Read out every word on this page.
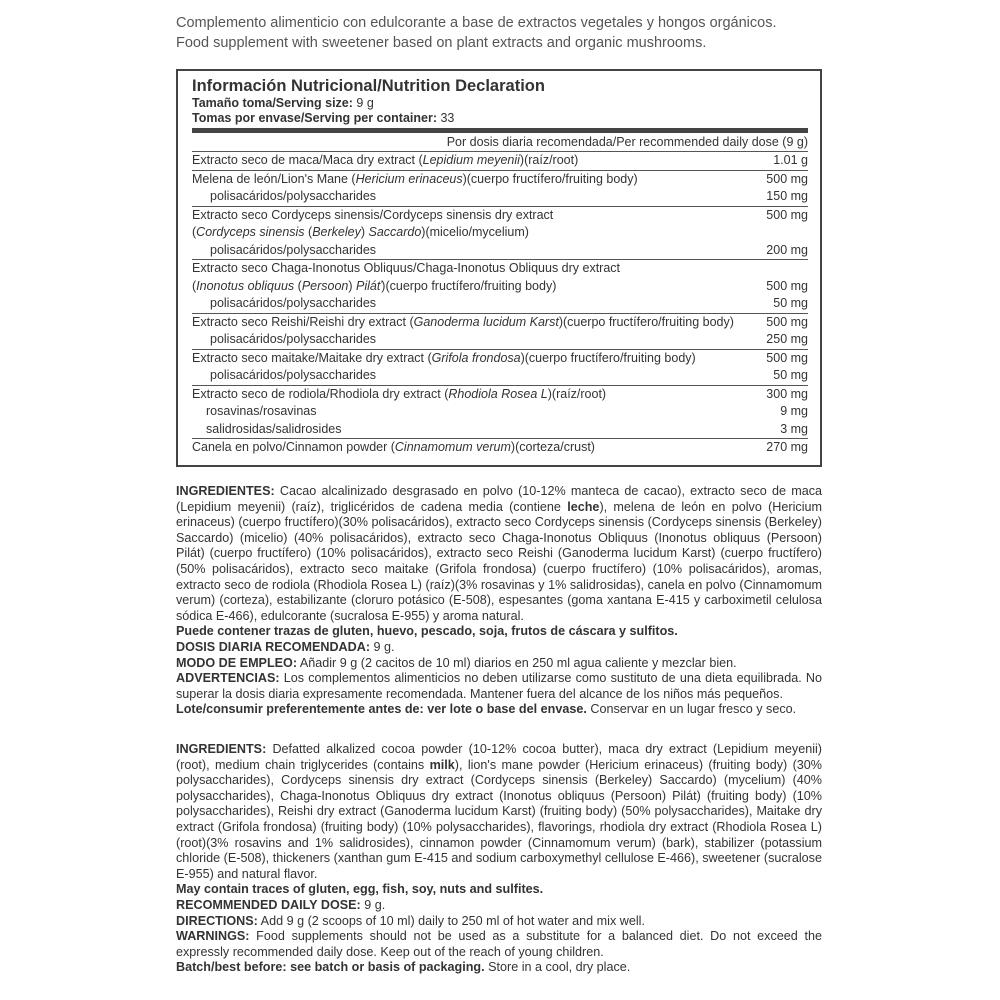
Complemento alimenticio con edulcorante a base de extractos vegetales y hongos orgánicos.
Food supplement with sweetener based on plant extracts and organic mushrooms.
Información Nutricional/Nutrition Declaration
Tamaño toma/Serving size: 9 g
Tomas por envase/Serving per container: 33
Por dosis diaria recomendada/Per recommended daily dose (9 g)
Extracto seco de maca/Maca dry extract (Lepidium meyenii)(raíz/root)	1.01 g
Melena de león/Lion's Mane (Hericium erinaceus)(cuerpo fructífero/fruiting body)	500 mg
polisacáridos/polysaccharides	150 mg
Extracto seco Cordyceps sinensis/Cordyceps sinensis dry extract	500 mg
(Cordyceps sinensis (Berkeley) Saccardo)(micelio/mycelium)
polisacáridos/polysaccharides	200 mg
Extracto seco Chaga-Inonotus Obliquus/Chaga-Inonotus Obliquus dry extract
(Inonotus obliquus (Persoon) Piláť)(cuerpo fructífero/fruiting body)	500 mg
polisacáridos/polysaccharides	50 mg
Extracto seco Reishi/Reishi dry extract (Ganoderma lucidum Karst)(cuerpo fructífero/fruiting body)	500 mg
polisacáridos/polysaccharides	250 mg
Extracto seco maitake/Maitake dry extract (Grifola frondosa)(cuerpo fructífero/fruiting body)	500 mg
polisacáridos/polysaccharides	50 mg
Extracto seco de rodiola/Rhodiola dry extract (Rhodiola Rosea L)(raíz/root)	300 mg
rosavinas/rosavinas	9 mg
salidrosidas/salidrosides	3 mg
Canela en polvo/Cinnamon powder (Cinnamomum verum)(corteza/crust)	270 mg

INGREDIENTES: Cacao alcalinizado desgrasado en polvo (10-12% manteca de cacao), extracto seco de maca (Lepidium meyenii) (raíz), triglicéridos de cadena media (contiene leche), melena de león en polvo (Hericium erinaceus) (cuerpo fructífero)(30% polisacáridos), extracto seco Cordyceps sinensis (Cordyceps sinensis (Berkeley) Saccardo) (micelio) (40% polisacáridos), extracto seco Chaga-Inonotus Obliquus (Inonotus obliquus (Persoon) Pilát) (cuerpo fructífero) (10% polisacáridos), extracto seco Reishi (Ganoderma lucidum Karst) (cuerpo fructífero) (50% polisacáridos), extracto seco maitake (Grifola frondosa) (cuerpo fructífero) (10% polisacáridos), aromas, extracto seco de rodiola (Rhodiola Rosea L) (raíz)(3% rosavinas y 1% salidrosidas), canela en polvo (Cinnamomum verum) (corteza), estabilizante (cloruro potásico (E-508), espesantes (goma xantana E-415 y carboximetil celulosa sódica E-466), edulcorante (sucralosa E-955) y aroma natural.

Puede contener trazas de gluten, huevo, pescado, soja, frutos de cáscara y sulfitos.

DOSIS DIARIA RECOMENDADA: 9 g.

MODO DE EMPLEO: Añadir 9 g (2 cacitos de 10 ml) diarios en 250 ml agua caliente y mezclar bien.

ADVERTENCIAS: Los complementos alimenticios no deben utilizarse como sustituto de una dieta equilibrada. No superar la dosis diaria expresamente recomendada. Mantener fuera del alcance de los niños más pequeños.

Lote/consumir preferentemente antes de: ver lote o base del envase. Conservar en un lugar fresco y seco.

INGREDIENTS: Defatted alkalized cocoa powder (10-12% cocoa butter), maca dry extract (Lepidium meyenii) (root), medium chain triglycerides (contains milk), lion's mane powder (Hericium erinaceus) (fruiting body) (30% polysaccharides), Cordyceps sinensis dry extract (Cordyceps sinensis (Berkeley) Saccardo) (mycelium) (40% polysaccharides), Chaga-Inonotus Obliquus dry extract (Inonotus obliquus (Persoon) Pilát) (fruiting body) (10% polysaccharides), Reishi dry extract (Ganoderma lucidum Karst) (fruiting body) (50% polysaccharides), Maitake dry extract (Grifola frondosa) (fruiting body) (10% polysaccharides), flavorings, rhodiola dry extract (Rhodiola Rosea L) (root)(3% rosavins and 1% salidrosides), cinnamon powder (Cinnamomum verum) (bark), stabilizer (potassium chloride (E-508), thickeners (xanthan gum E-415 and sodium carboxymethyl cellulose E-466), sweetener (sucralose E-955) and natural flavor.

May contain traces of gluten, egg, fish, soy, nuts and sulfites.

RECOMMENDED DAILY DOSE: 9 g.

DIRECTIONS: Add 9 g (2 scoops of 10 ml) daily to 250 ml of hot water and mix well.

WARNINGS: Food supplements should not be used as a substitute for a balanced diet. Do not exceed the expressly recommended daily dose. Keep out of the reach of young children.

Batch/best before: see batch or basis of packaging. Store in a cool, dry place.
